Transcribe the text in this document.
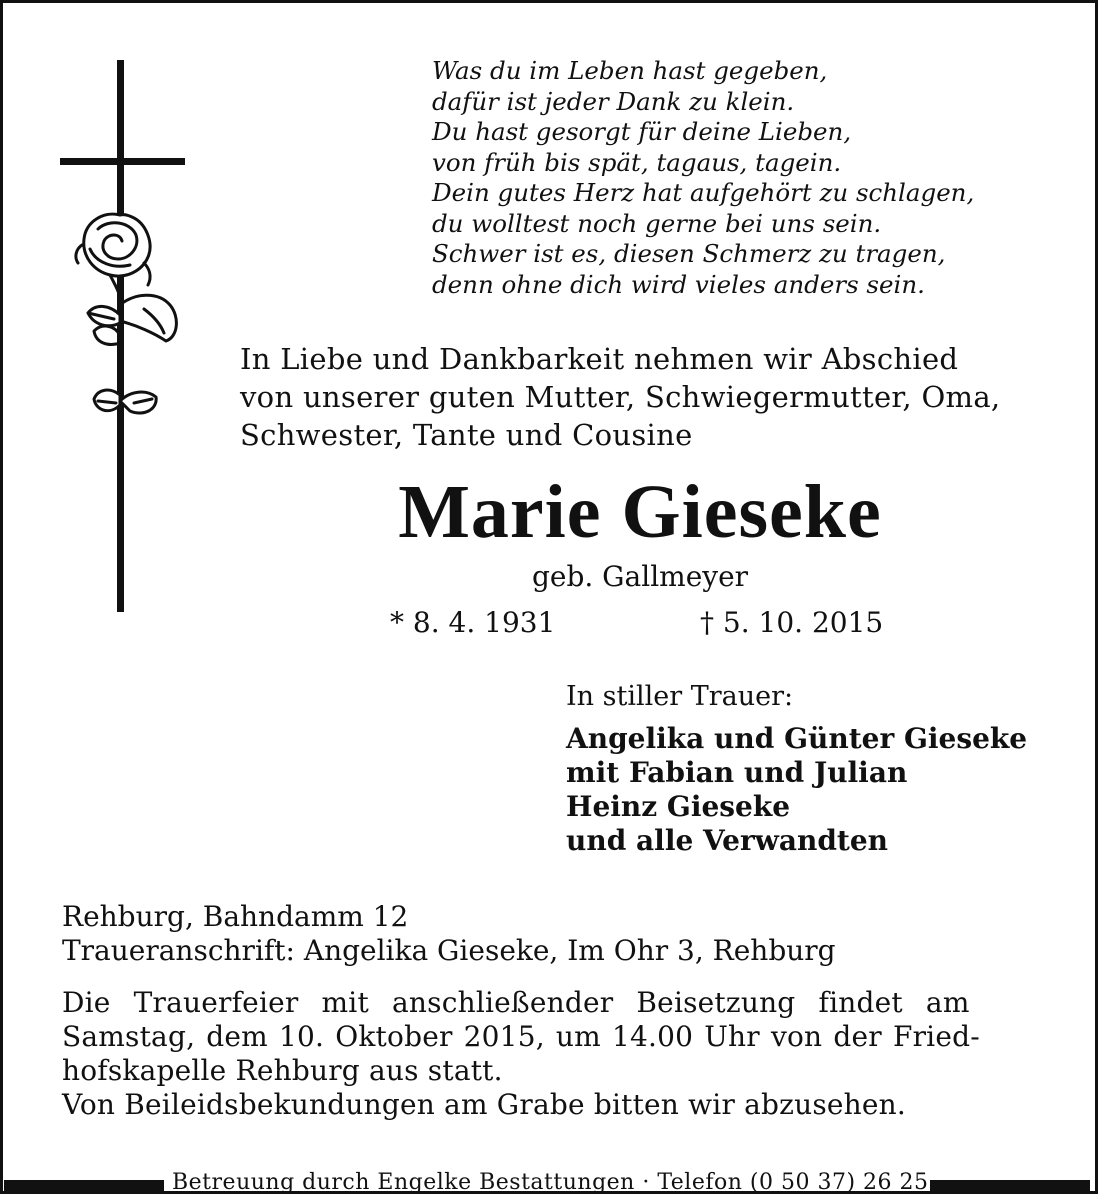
Was du im Leben hast gegeben,
dafür ist jeder Dank zu klein.
Du hast gesorgt für deine Lieben,
von früh bis spät, tagaus, tagein.
Dein gutes Herz hat aufgehört zu schlagen,
du wolltest noch gerne bei uns sein.
Schwer ist es, diesen Schmerz zu tragen,
denn ohne dich wird vieles anders sein.
In Liebe und Dankbarkeit nehmen wir Abschied
von unserer guten Mutter, Schwiegermutter, Oma,
Schwester, Tante und Cousine
Marie Gieseke
geb. Gallmeyer
* 8. 4. 1931	† 5. 10. 2015
In stiller Trauer:
Angelika und Günter Gieseke
mit Fabian und Julian
Heinz Gieseke
und alle Verwandten
Rehburg, Bahndamm 12
Traueranschrift: Angelika Gieseke, Im Ohr 3, Rehburg
Die Trauerfeier mit anschließender Beisetzung findet am
Samstag, dem 10. Oktober 2015, um 14.00 Uhr von der Fried-
hofskapelle Rehburg aus statt.
Von Beileidsbekundungen am Grabe bitten wir abzusehen.
Betreuung durch Engelke Bestattungen · Telefon (0 50 37) 26 25
